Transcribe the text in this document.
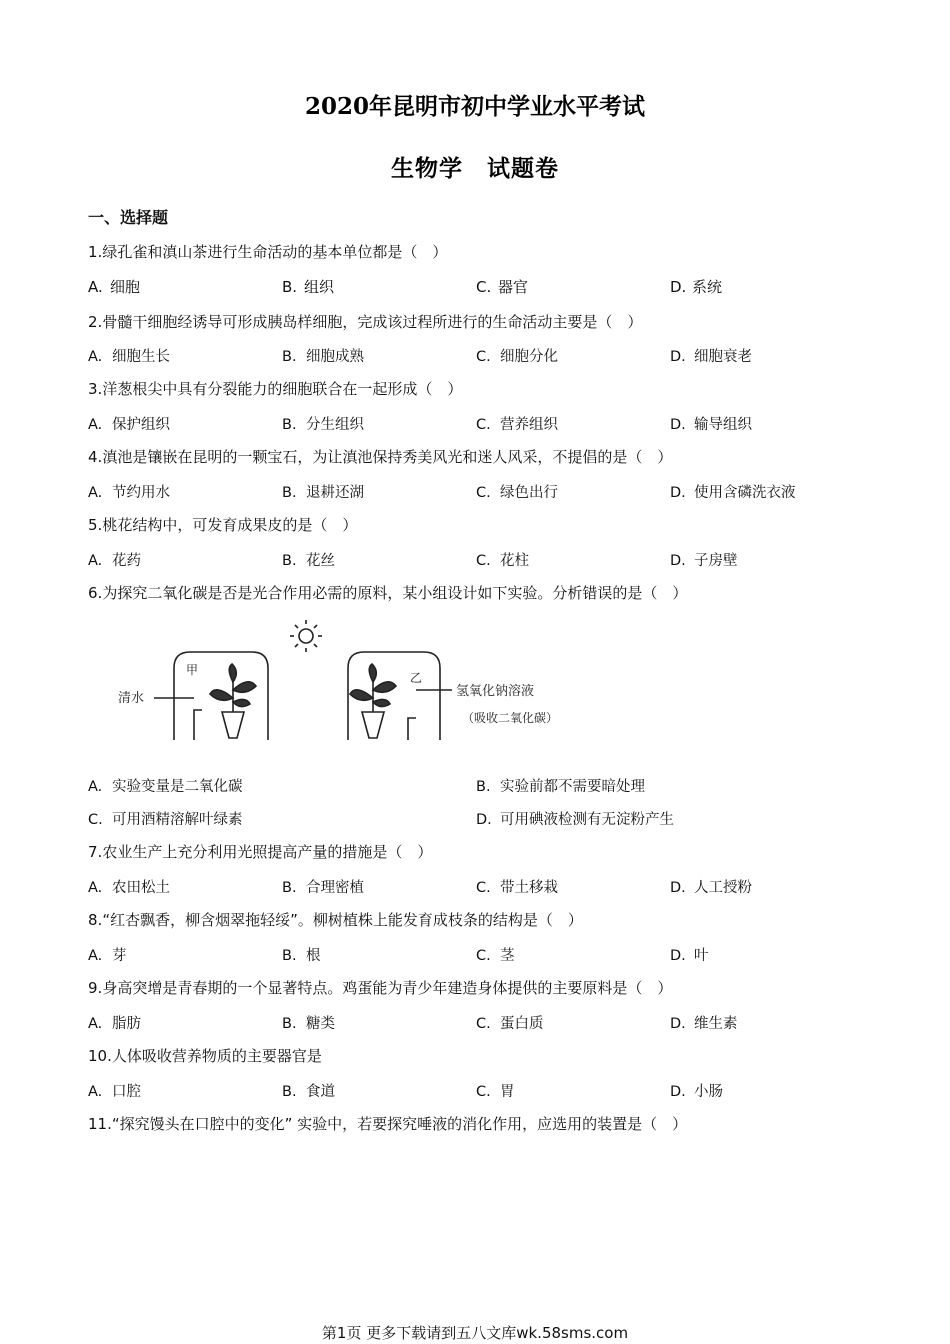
2020年昆明市初中学业水平考试
生物学　试题卷
一、选择题
1.绿孔雀和滇山茶进行生命活动的基本单位都是（　）
A. 细胞	B. 组织	C. 器官	D. 系统
2.骨髓干细胞经诱导可形成胰岛样细胞，完成该过程所进行的生命活动主要是（　）
A. 细胞生长	B. 细胞成熟	C. 细胞分化	D. 细胞衰老
3.洋葱根尖中具有分裂能力的细胞联合在一起形成（　）
A. 保护组织	B. 分生组织	C. 营养组织	D. 输导组织
4.滇池是镶嵌在昆明的一颗宝石，为让滇池保持秀美风光和迷人风采，不提倡的是（　）
A. 节约用水	B. 退耕还湖	C. 绿色出行	D. 使用含磷洗衣液
5.桃花结构中，可发育成果皮的是（　）
A. 花药	B. 花丝	C. 花柱	D. 子房壁
6.为探究二氧化碳是否是光合作用必需的原料，某小组设计如下实验。分析错误的是（　）
清水
甲
乙
氢氧化钠溶液
（吸收二氧化碳）
A. 实验变量是二氧化碳	B. 实验前都不需要暗处理
C. 可用酒精溶解叶绿素	D. 可用碘液检测有无淀粉产生
7.农业生产上充分利用光照提高产量的措施是（　）
A. 农田松土	B. 合理密植	C. 带土移栽	D. 人工授粉
8.“红杏飘香，柳含烟翠拖轻绥”。柳树植株上能发育成枝条的结构是（　）
A. 芽	B. 根	C. 茎	D. 叶
9.身高突增是青春期的一个显著特点。鸡蛋能为青少年建造身体提供的主要原料是（　）
A. 脂肪	B. 糖类	C. 蛋白质	D. 维生素
10.人体吸收营养物质的主要器官是
A. 口腔	B. 食道	C. 胃	D. 小肠
11.“探究馒头在口腔中的变化” 实验中，若要探究唾液的消化作用，应选用的装置是（　）
第1页 更多下载请到五八文库wk.58sms.com
